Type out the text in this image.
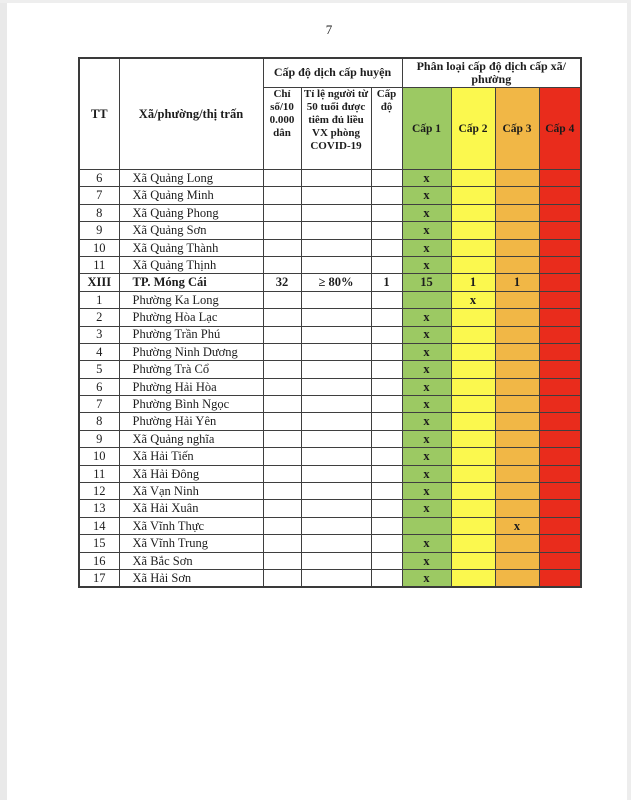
7
TT	Xã/phường/thị trấn	Cấp độ dịch cấp huyện			Phân loại cấp độ dịch cấp xã/ phường			
		Chỉ số/10 0.000 dân	Tỉ lệ người từ 50 tuổi được tiêm đủ liều VX phòng COVID-19	Cấp độ	Cấp 1	Cấp 2	Cấp 3	Cấp 4
6	Xã Quảng Long				x			
7	Xã Quảng Minh				x			
8	Xã Quảng Phong				x			
9	Xã Quảng Sơn				x			
10	Xã Quảng Thành				x			
11	Xã Quảng Thịnh				x			
XIII	TP. Móng Cái	32	≥ 80%	1	15	1	1	
1	Phường Ka Long					x		
2	Phường Hòa Lạc				x			
3	Phường Trần Phú				x			
4	Phường Ninh Dương				x			
5	Phường Trà Cổ				x			
6	Phường Hải Hòa				x			
7	Phường Bình Ngọc				x			
8	Phường Hải Yên				x			
9	Xã Quảng nghĩa				x			
10	Xã Hải Tiến				x			
11	Xã Hải Đông				x			
12	Xã Vạn Ninh				x			
13	Xã Hải Xuân				x			
14	Xã Vĩnh Thực						x	
15	Xã Vĩnh Trung				x			
16	Xã Bắc Sơn				x			
17	Xã Hải Sơn				x			
